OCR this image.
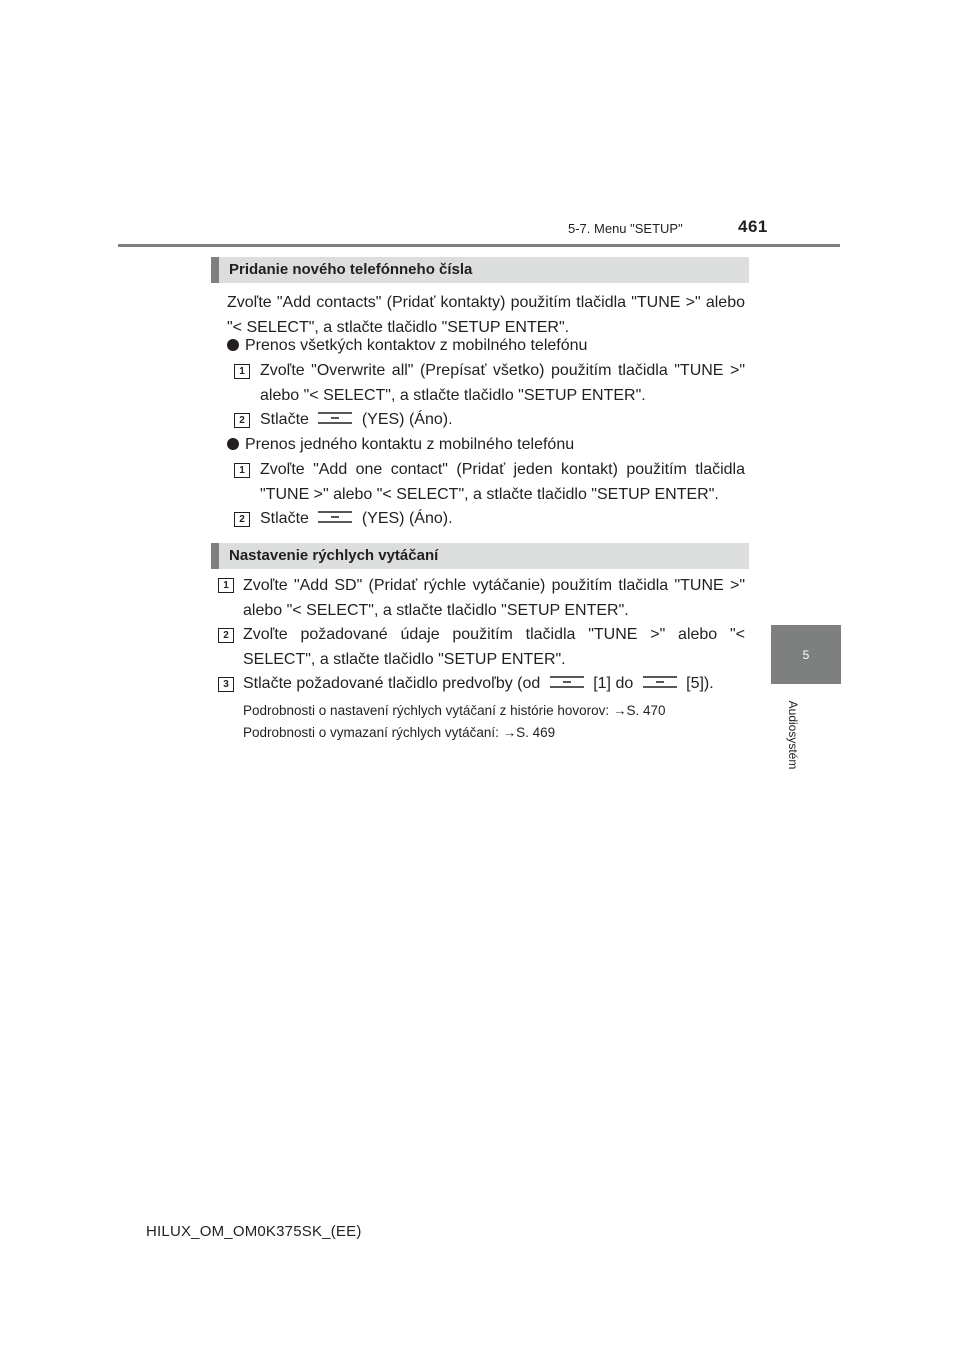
5-7. Menu "SETUP"	461
5
Audiosystém
Pridanie nového telefónneho čísla
Zvoľte "Add contacts" (Pridať kontakty) použitím tlačidla "TUNE >" alebo "< SELECT", a stlačte tlačidlo "SETUP ENTER".
Prenos všetkých kontaktov z mobilného telefónu
1 Zvoľte "Overwrite all" (Prepísať všetko) použitím tlačidla "TUNE >" alebo "< SELECT", a stlačte tlačidlo "SETUP ENTER".
2 Stlačte	(YES) (Áno).
Prenos jedného kontaktu z mobilného telefónu
1 Zvoľte "Add one contact" (Pridať jeden kontakt) použitím tlačidla "TUNE >" alebo "< SELECT", a stlačte tlačidlo "SETUP ENTER".
2 Stlačte	(YES) (Áno).
Nastavenie rýchlych vytáčaní
1 Zvoľte "Add SD" (Pridať rýchle vytáčanie) použitím tlačidla "TUNE >" alebo "< SELECT", a stlačte tlačidlo "SETUP ENTER".
2 Zvoľte požadované údaje použitím tlačidla "TUNE >" alebo "< SELECT", a stlačte tlačidlo "SETUP ENTER".
3 Stlačte požadované tlačidlo predvoľby (od	[1] do	[5]).
Podrobnosti o nastavení rýchlych vytáčaní z histórie hovorov: →S. 470
Podrobnosti o vymazaní rýchlych vytáčaní: →S. 469
HILUX_OM_OM0K375SK_(EE)
